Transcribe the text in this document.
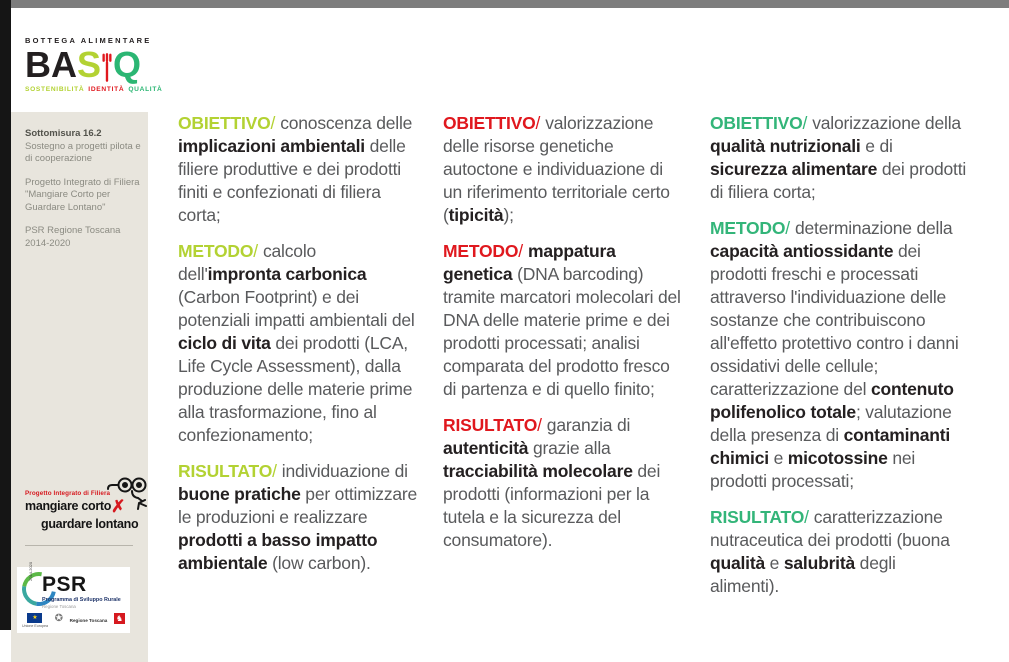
BOTTEGA ALIMENTARE
BA S Q
SOSTENIBILITÀ IDENTITÀ QUALITÀ
Sottomisura 16.2
Sostegno a progetti pilota e di cooperazione
Progetto Integrato di Filiera "Mangiare Corto per Guardare Lontano"
PSR Regione Toscana 2014-2020
Progetto Integrato di Filiera
mangiare corto✗
guardare lontano
2014-2020
PSR
Programma di Sviluppo Rurale
Regione Toscana
★
Unione Europea
✪ Regione Toscana ♞

OBIETTIVO/ conoscenza delle implicazioni ambientali delle filiere produttive e dei prodotti finiti e confezionati di filiera corta;

METODO/ calcolo dell'impronta carbonica (Carbon Footprint) e dei potenziali impatti ambientali del ciclo di vita dei prodotti (LCA, Life Cycle Assessment), dalla produzione delle materie prime alla trasformazione, fino al confezionamento;

RISULTATO/ individuazione di buone pratiche per ottimizzare le produzioni e realizzare prodotti a basso impatto ambientale (low carbon).

OBIETTIVO/ valorizzazione delle risorse genetiche autoctone e individuazione di un riferimento territoriale certo (tipicità);

METODO/ mappatura genetica (DNA barcoding) tramite marcatori molecolari del DNA delle materie prime e dei prodotti processati; analisi comparata del prodotto fresco di partenza e di quello finito;

RISULTATO/ garanzia di autenticità grazie alla tracciabilità molecolare dei prodotti (informazioni per la tutela e la sicurezza del consumatore).

OBIETTIVO/ valorizzazione della qualità nutrizionali e di sicurezza alimentare dei prodotti di filiera corta;

METODO/ determinazione della capacità antiossidante dei prodotti freschi e processati attraverso l'individuazione delle sostanze che contribuiscono all'effetto protettivo contro i danni ossidativi delle cellule; caratterizzazione del contenuto polifenolico totale; valutazione della presenza di contaminanti chimici e micotossine nei prodotti processati;

RISULTATO/ caratterizzazione nutraceutica dei prodotti (buona qualità e salubrità degli alimenti).
